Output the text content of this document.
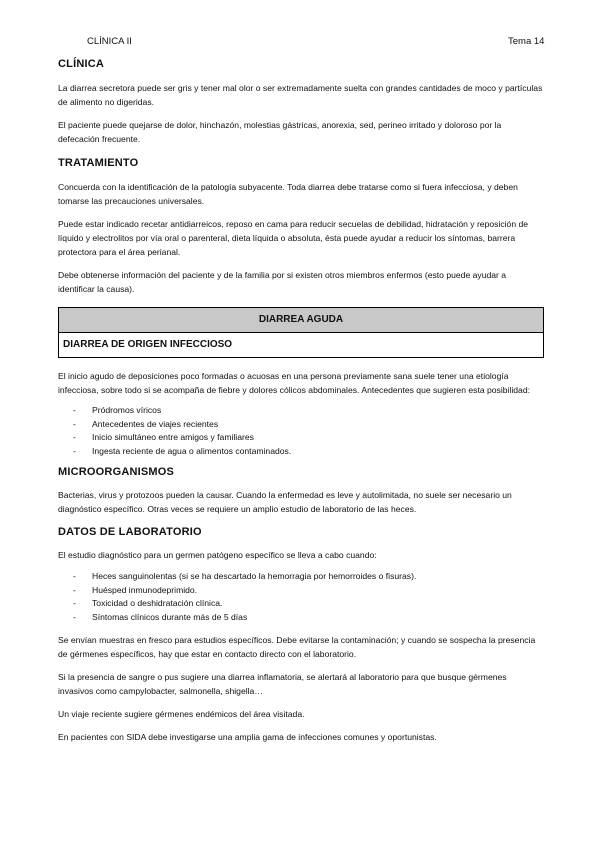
CLÍNICA II	Tema 14
CLÍNICA

La diarrea secretora puede ser gris y tener mal olor o ser extremadamente suelta con grandes cantidades de moco y partículas de alimento no digeridas.

El paciente puede quejarse de dolor, hinchazón, molestias gástricas, anorexia, sed, perineo irritado y doloroso por la defecación frecuente.

TRATAMIENTO

Concuerda con la identificación de la patología subyacente. Toda diarrea debe tratarse como si fuera infecciosa, y deben tomarse las precauciones universales.

Puede estar indicado recetar antidiarreicos, reposo en cama para reducir secuelas de debilidad, hidratación y reposición de líquido y electrolitos por vía oral o parenteral, dieta líquida o absoluta, ésta puede ayudar a reducir los síntomas, barrera protectora para el área perianal.

Debe obtenerse información del paciente y de la familia por si existen otros miembros enfermos (esto puede ayudar a identificar la causa).

DIARREA AGUDA
DIARREA DE ORIGEN INFECCIOSO

El inicio agudo de deposiciones poco formadas o acuosas en una persona previamente sana suele tener una etiología infecciosa, sobre todo si se acompaña de fiebre y dolores cólicos abdominales. Antecedentes que sugieren esta posibilidad:

- Pródromos víricos
- Antecedentes de viajes recientes
- Inicio simultáneo entre amigos y familiares
- Ingesta reciente de agua o alimentos contaminados.
MICROORGANISMOS

Bacterias, virus y protozoos pueden la causar. Cuando la enfermedad es leve y autolimitada, no suele ser necesario un diagnóstico específico. Otras veces se requiere un amplio estudio de laboratorio de las heces.

DATOS DE LABORATORIO

El estudio diagnóstico para un germen patógeno específico se lleva a cabo cuando:

- Heces sanguinolentas (si se ha descartado la hemorragia por hemorroides o fisuras).
- Huésped inmunodeprimido.
- Toxicidad o deshidratación clínica.
- Síntomas clínicos durante más de 5 días

Se envían muestras en fresco para estudios específicos. Debe evitarse la contaminación; y cuando se sospecha la presencia de gérmenes específicos, hay que estar en contacto directo con el laboratorio.

Si la presencia de sangre o pus sugiere una diarrea inflamatoria, se alertará al laboratorio para que busque gérmenes invasivos como campylobacter, salmonella, shigella…

Un viaje reciente sugiere gérmenes endémicos del área visitada.

En pacientes con SIDA debe investigarse una amplia gama de infecciones comunes y oportunistas.
